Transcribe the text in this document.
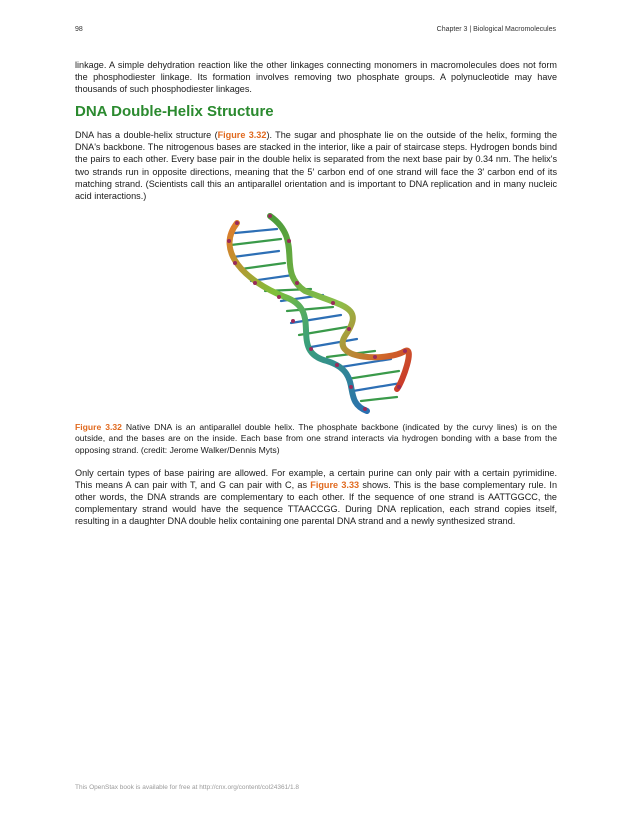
98	Chapter 3 | Biological Macromolecules

linkage. A simple dehydration reaction like the other linkages connecting monomers in macromolecules does not form the phosphodiester linkage. Its formation involves removing two phosphate groups. A polynucleotide may have thousands of such phosphodiester linkages.

DNA Double-Helix Structure

DNA has a double-helix structure (Figure 3.32). The sugar and phosphate lie on the outside of the helix, forming the DNA's backbone. The nitrogenous bases are stacked in the interior, like a pair of staircase steps. Hydrogen bonds bind the pairs to each other. Every base pair in the double helix is separated from the next base pair by 0.34 nm. The helix's two strands run in opposite directions, meaning that the 5′ carbon end of one strand will face the 3′ carbon end of its matching strand. (Scientists call this an antiparallel orientation and is important to DNA replication and in many nucleic acid interactions.)

Figure 3.32 Native DNA is an antiparallel double helix. The phosphate backbone (indicated by the curvy lines) is on the outside, and the bases are on the inside. Each base from one strand interacts via hydrogen bonding with a base from the opposing strand. (credit: Jerome Walker/Dennis Myts)

Only certain types of base pairing are allowed. For example, a certain purine can only pair with a certain pyrimidine. This means A can pair with T, and G can pair with C, as Figure 3.33 shows. This is the base complementary rule. In other words, the DNA strands are complementary to each other. If the sequence of one strand is AATTGGCC, the complementary strand would have the sequence TTAACCGG. During DNA replication, each strand copies itself, resulting in a daughter DNA double helix containing one parental DNA strand and a newly synthesized strand.

This OpenStax book is available for free at http://cnx.org/content/col24361/1.8
